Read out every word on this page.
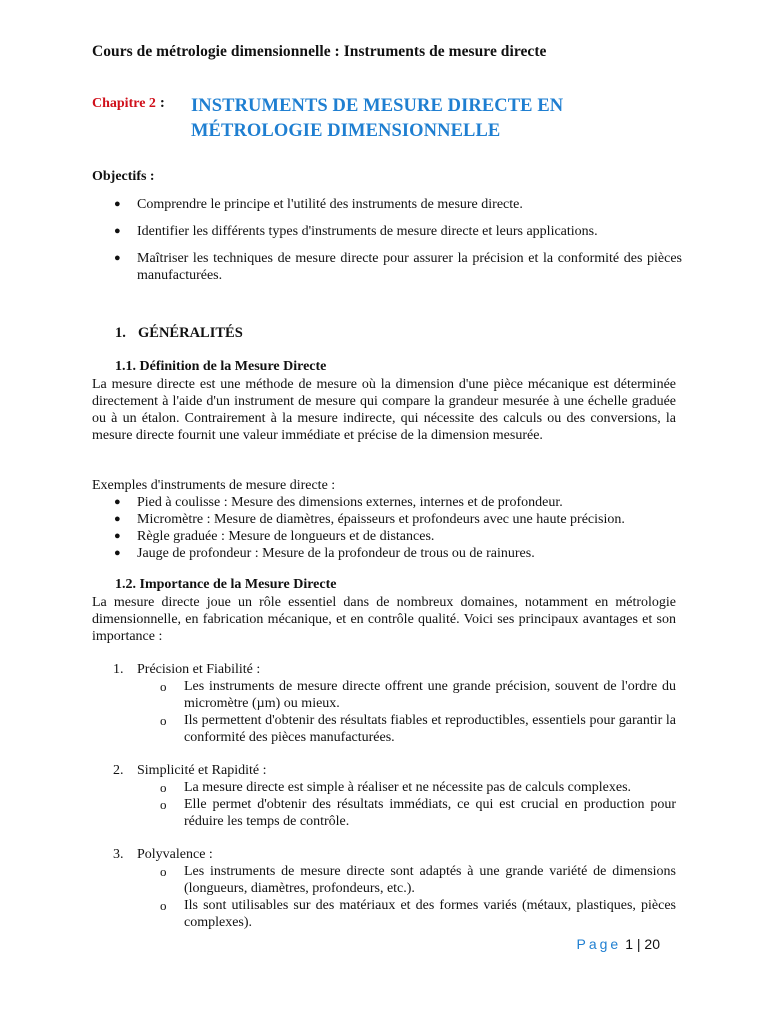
Cours de métrologie dimensionnelle : Instruments de mesure directe
Chapitre 2 : INSTRUMENTS DE MESURE DIRECTE EN
MÉTROLOGIE DIMENSIONNELLE
Objectifs :
● Comprendre le principe et l'utilité des instruments de mesure directe.
● Identifier les différents types d'instruments de mesure directe et leurs applications.
● Maîtriser les techniques de mesure directe pour assurer la précision et la conformité des pièces manufacturées.
1. GÉNÉRALITÉS
1.1. Définition de la Mesure Directe
La mesure directe est une méthode de mesure où la dimension d'une pièce mécanique est déterminée directement à l'aide d'un instrument de mesure qui compare la grandeur mesurée à une échelle graduée ou à un étalon. Contrairement à la mesure indirecte, qui nécessite des calculs ou des conversions, la mesure directe fournit une valeur immédiate et précise de la dimension mesurée.
Exemples d'instruments de mesure directe :
● Pied à coulisse : Mesure des dimensions externes, internes et de profondeur.
● Micromètre : Mesure de diamètres, épaisseurs et profondeurs avec une haute précision.
● Règle graduée : Mesure de longueurs et de distances.
● Jauge de profondeur : Mesure de la profondeur de trous ou de rainures.
1.2. Importance de la Mesure Directe
La mesure directe joue un rôle essentiel dans de nombreux domaines, notamment en métrologie dimensionnelle, en fabrication mécanique, et en contrôle qualité. Voici ses principaux avantages et son importance :
1. Précision et Fiabilité :
o Les instruments de mesure directe offrent une grande précision, souvent de l'ordre du micromètre (µm) ou mieux.
o Ils permettent d'obtenir des résultats fiables et reproductibles, essentiels pour garantir la conformité des pièces manufacturées.
2. Simplicité et Rapidité :
o La mesure directe est simple à réaliser et ne nécessite pas de calculs complexes.
o Elle permet d'obtenir des résultats immédiats, ce qui est crucial en production pour réduire les temps de contrôle.
3. Polyvalence :
o Les instruments de mesure directe sont adaptés à une grande variété de dimensions (longueurs, diamètres, profondeurs, etc.).
o Ils sont utilisables sur des matériaux et des formes variés (métaux, plastiques, pièces complexes).
Page 1 | 20
